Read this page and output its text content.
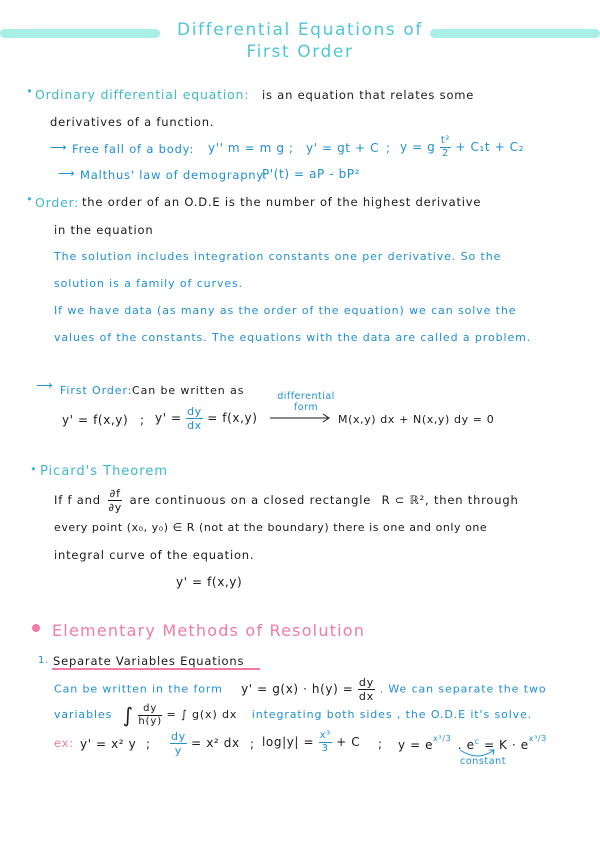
Differential Equations of
First Order
• Ordinary differential equation: is an equation that relates some
derivatives of a function.
⟶ Free fall of a body: y'' m = m g ; y' = gt + C ; y = g $\frac{\text{t²}}{2} + C_1t + C_2$
⟶ Malthus' law of demograpny:
P'(t) = aP - bP²
• Order: the order of an O.D.E is the number of the highest derivative
in the equation
The solution includes integration constants one per derivative. So the
solution is a family of curves.
If we have data (as many as the order of the equation) we can solve the
values of the constants. The equations with the data are called a problem.
⟶ First Order: Can be written as
y' = f(x,y) ; $y' = \frac{dy}{dx} = f(x,y)$
differential
form
M(x,y) dx + N(x,y) dy = 0
• Picard's Theorem
If f and $\frac{\partial f}{\partial y}$ are continuous on a closed rectangle R ⊂ ℝ², then through
every point (x₀, y₀) ∈ R (not at the boundary) there is one and only one
integral curve of the equation.
y' = f(x,y)
Elementary Methods of Resolution
1. Separate Variables Equations
Can be written in the form $y' = g(x) \cdot h(y) = \frac{dy}{dx}$ . We can separate the two
variables ∫ $\frac{dy}{h(y)}$ = ∫ g(x) dx integrating both sides , the O.D.E it's solve.
ex: y' = x² y ; $\frac{dy}{y} = x^2$ dx ; $\log|y| = \frac{\text{x³}}{3} + C$ ; $y = e^{x^3/3}$ . $e^c = K \cdot e^{x^3/3}$
constant
